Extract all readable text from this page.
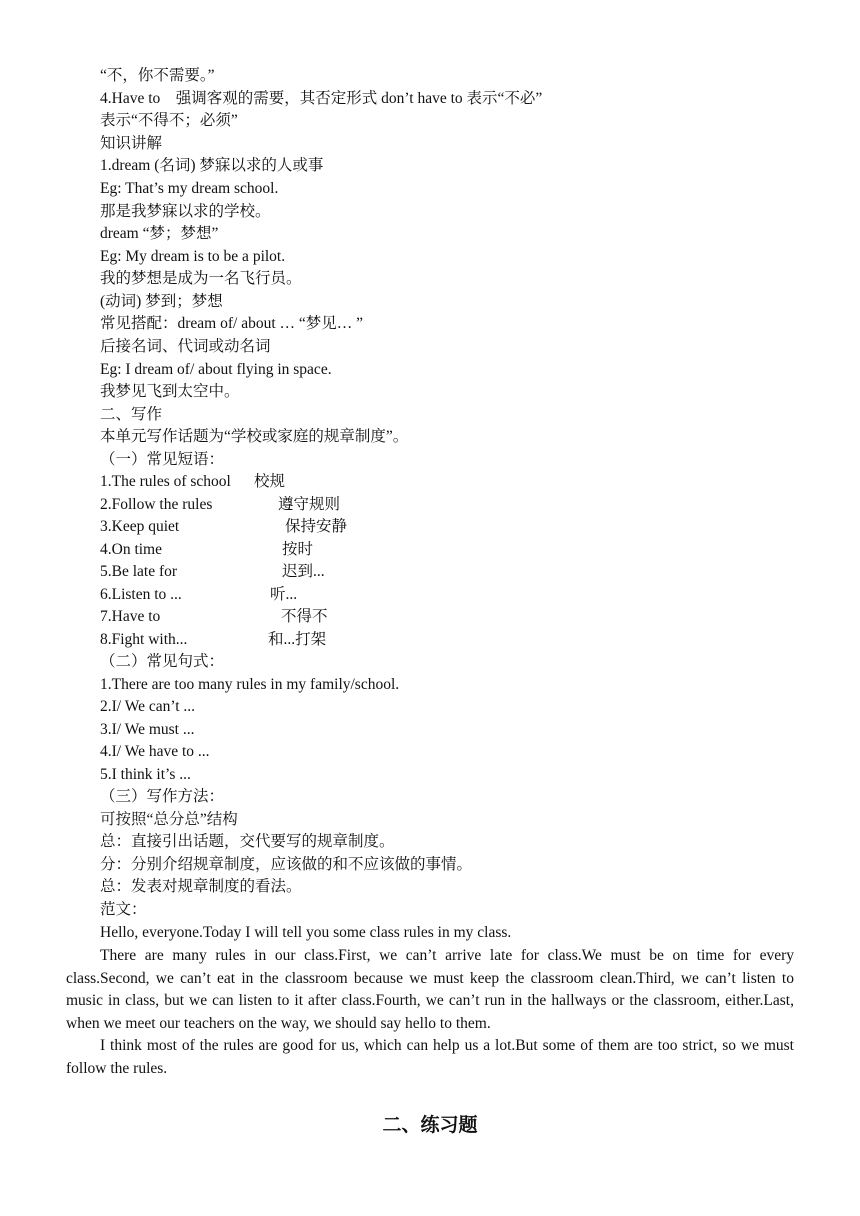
“不，你不需要。”
4.Have to　强调客观的需要，其否定形式 don’t have to 表示“不必”
表示“不得不；必须”
知识讲解
1.dream (名词) 梦寐以求的人或事
Eg: That’s my dream school.
那是我梦寐以求的学校。
dream “梦；梦想”
Eg: My dream is to be a pilot.
我的梦想是成为一名飞行员。
(动词) 梦到；梦想
常见搭配：dream of/ about … “梦见… ”
后接名词、代词或动名词
Eg: I dream of/ about flying in space.
我梦见飞到太空中。
二、写作
本单元写作话题为“学校或家庭的规章制度”。
（一）常见短语：
1.The rules of school 校规
2.Follow the rules	遵守规则
3.Keep quiet	保持安静
4.On time	按时
5.Be late for	迟到...
6.Listen to ...	听...
7.Have to	不得不
8.Fight with...	和...打架
（二）常见句式：
1.There are too many rules in my family/school.
2.I/ We can’t ...
3.I/ We must ...
4.I/ We have to ...
5.I think it’s ...
（三）写作方法：
可按照“总分总”结构
总：直接引出话题，交代要写的规章制度。
分：分别介绍规章制度，应该做的和不应该做的事情。
总：发表对规章制度的看法。
范文：
Hello, everyone.Today I will tell you some class rules in my class.
There are many rules in our class.First, we can’t arrive late for class.We must be on time for every class.Second, we can’t eat in the classroom because we must keep the classroom clean.Third, we can’t listen to music in class, but we can listen to it after class.Fourth, we can’t run in the hallways or the classroom, either.Last, when we meet our teachers on the way, we should say hello to them.
I think most of the rules are good for us, which can help us a lot.But some of them are too strict, so we must follow the rules.
二、练习题
